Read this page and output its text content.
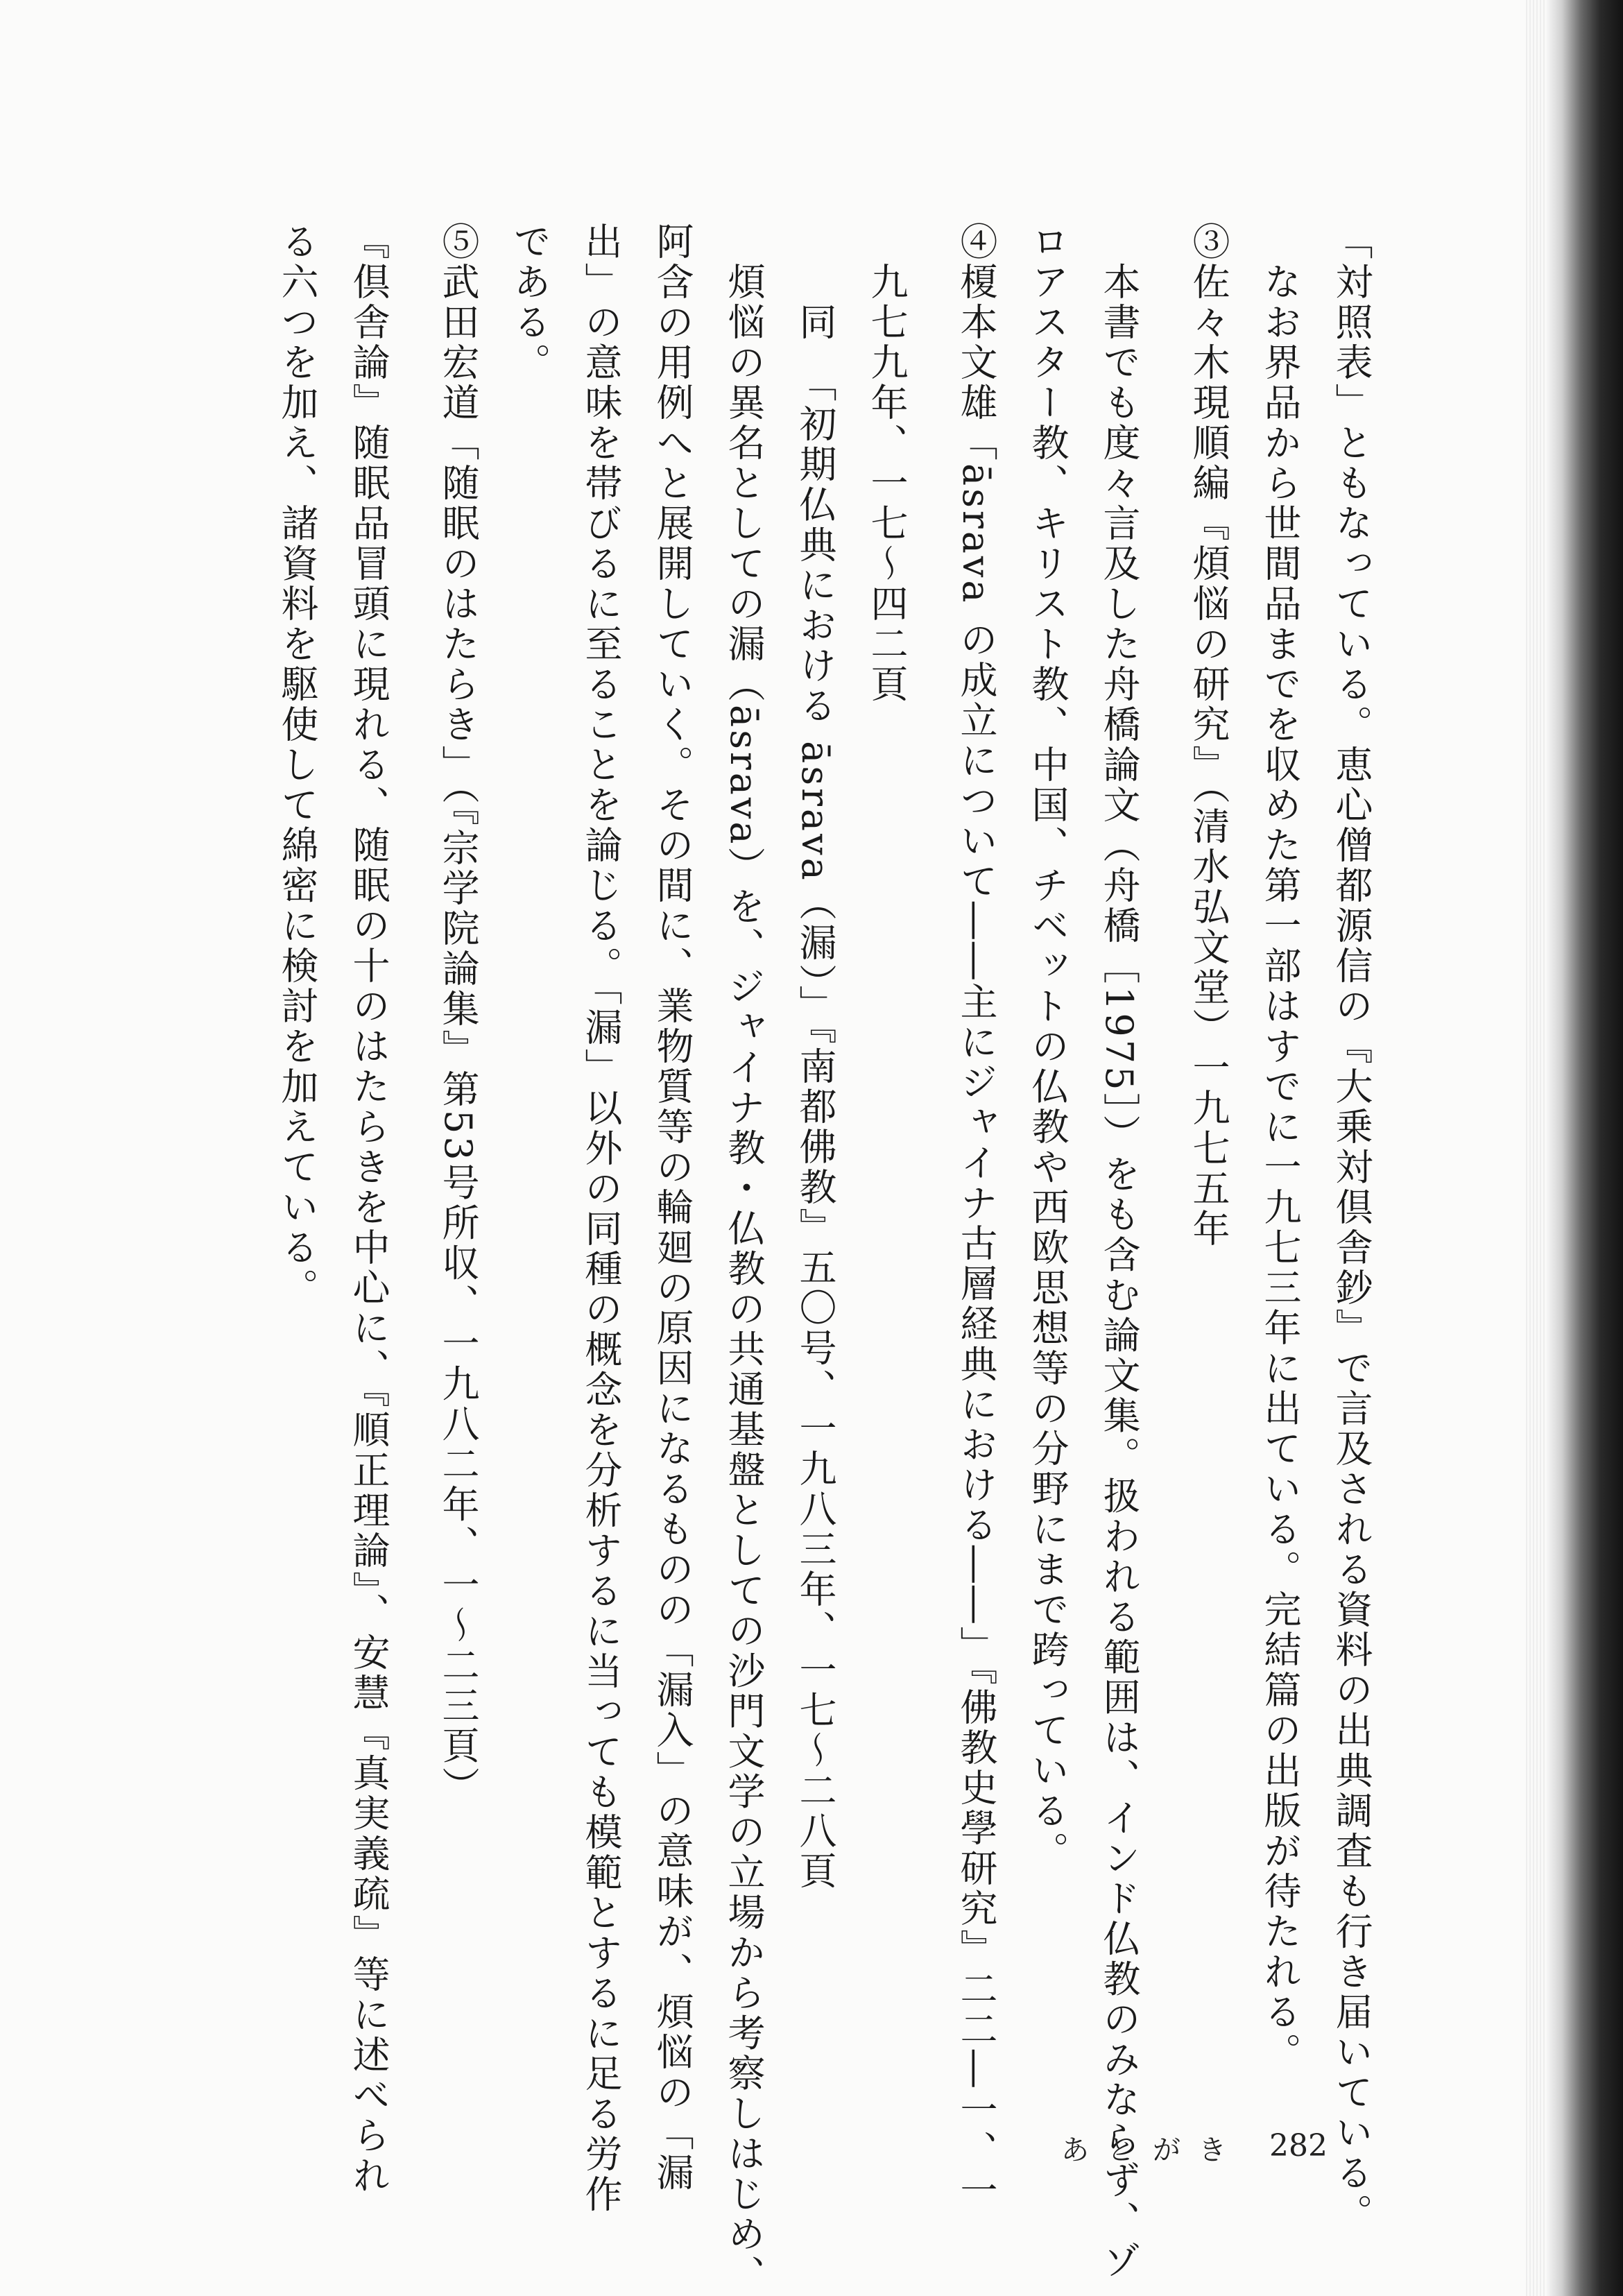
「対照表」ともなっている。恵心僧都源信の『大乗対倶舎鈔』で言及される資料の出典調査も行き届いている。
なお界品から世間品までを収めた第一部はすでに一九七三年に出ている。完結篇の出版が待たれる。
③佐々木現順編『煩悩の研究』（清水弘文堂）一九七五年
本書でも度々言及した舟橋論文（舟橋［1975］）をも含む論文集。扱われる範囲は、インド仏教のみならず、ゾ
ロアスター教、キリスト教、中国、チベットの仏教や西欧思想等の分野にまで跨っている。
④榎本文雄「āsrava の成立について――主にジャイナ古層経典における――」『佛教史學研究』二二―一、一
九七九年、一七～四二頁
同　「初期仏典における āsrava（漏）」『南都佛教』五〇号、一九八三年、一七～二八頁
煩悩の異名としての漏（āsrava）を、ジャイナ教・仏教の共通基盤としての沙門文学の立場から考察しはじめ、
阿含の用例へと展開していく。その間に、業物質等の輪廻の原因になるものの「漏入」の意味が、煩悩の「漏
出」の意味を帯びるに至ることを論じる。「漏」以外の同種の概念を分析するに当っても模範とするに足る労作
である。
⑤武田宏道「随眠のはたらき」（『宗学院論集』第53号所収、一九八二年、一～二三頁）
『倶舎論』随眠品冒頭に現れる、随眠の十のはたらきを中心に、『順正理論』、安慧『真実義疏』等に述べられ
る六つを加え、諸資料を駆使して綿密に検討を加えている。
あとがき 282
